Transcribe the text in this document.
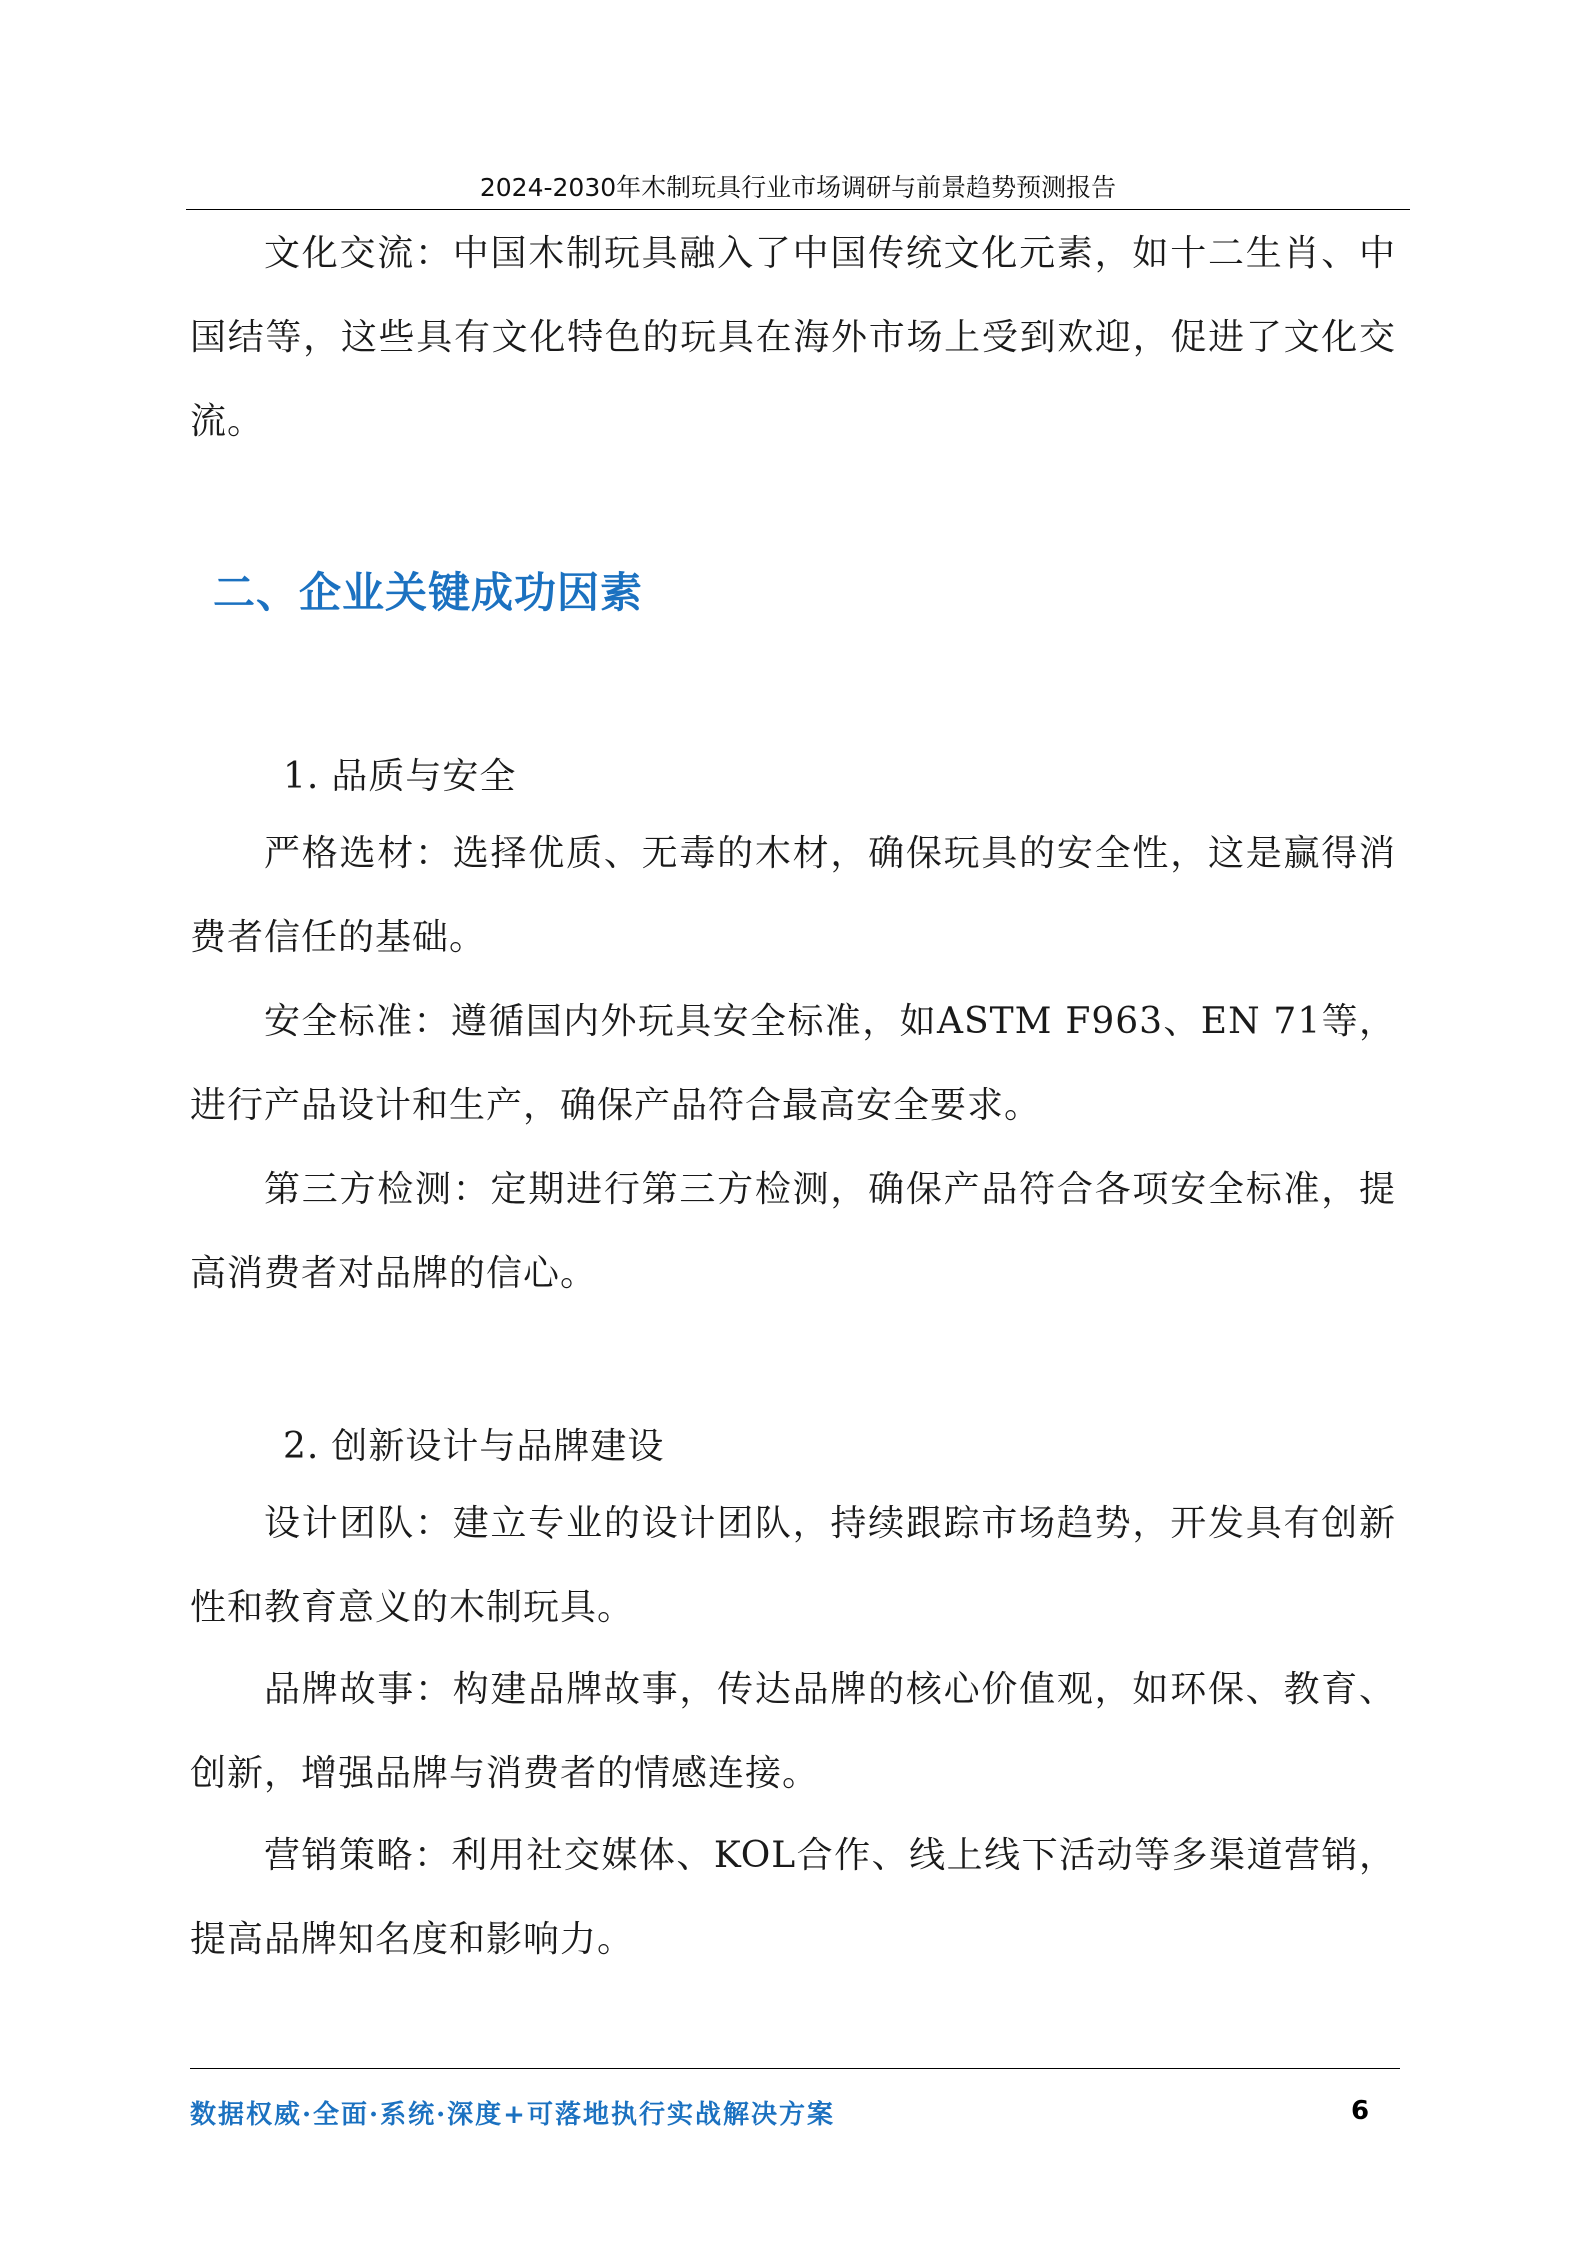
2024-2030年木制玩具行业市场调研与前景趋势预测报告

文化交流：中国木制玩具融入了中国传统文化元素，如十二生肖、中国结等，这些具有文化特色的玩具在海外市场上受到欢迎，促进了文化交流。

二、企业关键成功因素
1. 品质与安全

严格选材：选择优质、无毒的木材，确保玩具的安全性，这是赢得消费者信任的基础。

安全标准：遵循国内外玩具安全标准，如ASTM F963、EN 71等，进行产品设计和生产，确保产品符合最高安全要求。

第三方检测：定期进行第三方检测，确保产品符合各项安全标准，提高消费者对品牌的信心。

2. 创新设计与品牌建设

设计团队：建立专业的设计团队，持续跟踪市场趋势，开发具有创新性和教育意义的木制玩具。

品牌故事：构建品牌故事，传达品牌的核心价值观，如环保、教育、创新，增强品牌与消费者的情感连接。

营销策略：利用社交媒体、KOL合作、线上线下活动等多渠道营销，提高品牌知名度和影响力。

数据权威·全面·系统·深度+可落地执行实战解决方案	6
